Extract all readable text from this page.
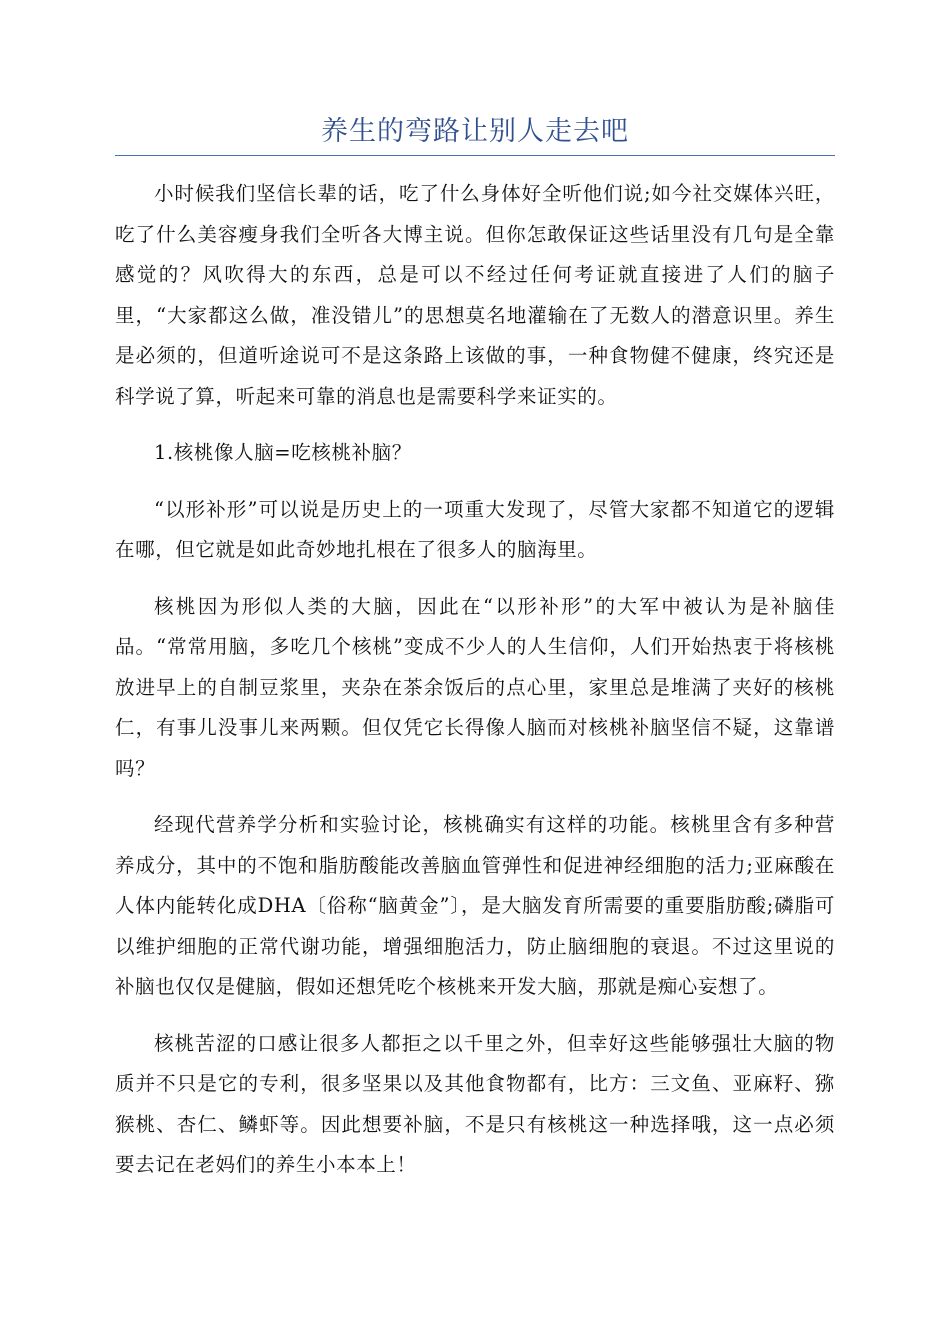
养生的弯路让别人走去吧

小时候我们坚信长辈的话，吃了什么身体好全听他们说;如今社交媒体兴旺，吃了什么美容瘦身我们全听各大博主说。但你怎敢保证这些话里没有几句是全靠感觉的？风吹得大的东西，总是可以不经过任何考证就直接进了人们的脑子里，“大家都这么做，准没错儿”的思想莫名地灌输在了无数人的潜意识里。养生是必须的，但道听途说可不是这条路上该做的事，一种食物健不健康，终究还是科学说了算，听起来可靠的消息也是需要科学来证实的。

1.核桃像人脑=吃核桃补脑？

“以形补形”可以说是历史上的一项重大发现了，尽管大家都不知道它的逻辑在哪，但它就是如此奇妙地扎根在了很多人的脑海里。

核桃因为形似人类的大脑，因此在“以形补形”的大军中被认为是补脑佳品。“常常用脑，多吃几个核桃”变成不少人的人生信仰，人们开始热衷于将核桃放进早上的自制豆浆里，夹杂在茶余饭后的点心里，家里总是堆满了夹好的核桃仁，有事儿没事儿来两颗。但仅凭它长得像人脑而对核桃补脑坚信不疑，这靠谱吗？

经现代营养学分析和实验讨论，核桃确实有这样的功能。核桃里含有多种营养成分，其中的不饱和脂肪酸能改善脑血管弹性和促进神经细胞的活力;亚麻酸在人体内能转化成DHA〔俗称“脑黄金”〕，是大脑发育所需要的重要脂肪酸;磷脂可以维护细胞的正常代谢功能，增强细胞活力，防止脑细胞的衰退。不过这里说的补脑也仅仅是健脑，假如还想凭吃个核桃来开发大脑，那就是痴心妄想了。

核桃苦涩的口感让很多人都拒之以千里之外，但幸好这些能够强壮大脑的物质并不只是它的专利，很多坚果以及其他食物都有，比方：三文鱼、亚麻籽、猕猴桃、杏仁、鳞虾等。因此想要补脑，不是只有核桃这一种选择哦，这一点必须要去记在老妈们的养生小本本上！
